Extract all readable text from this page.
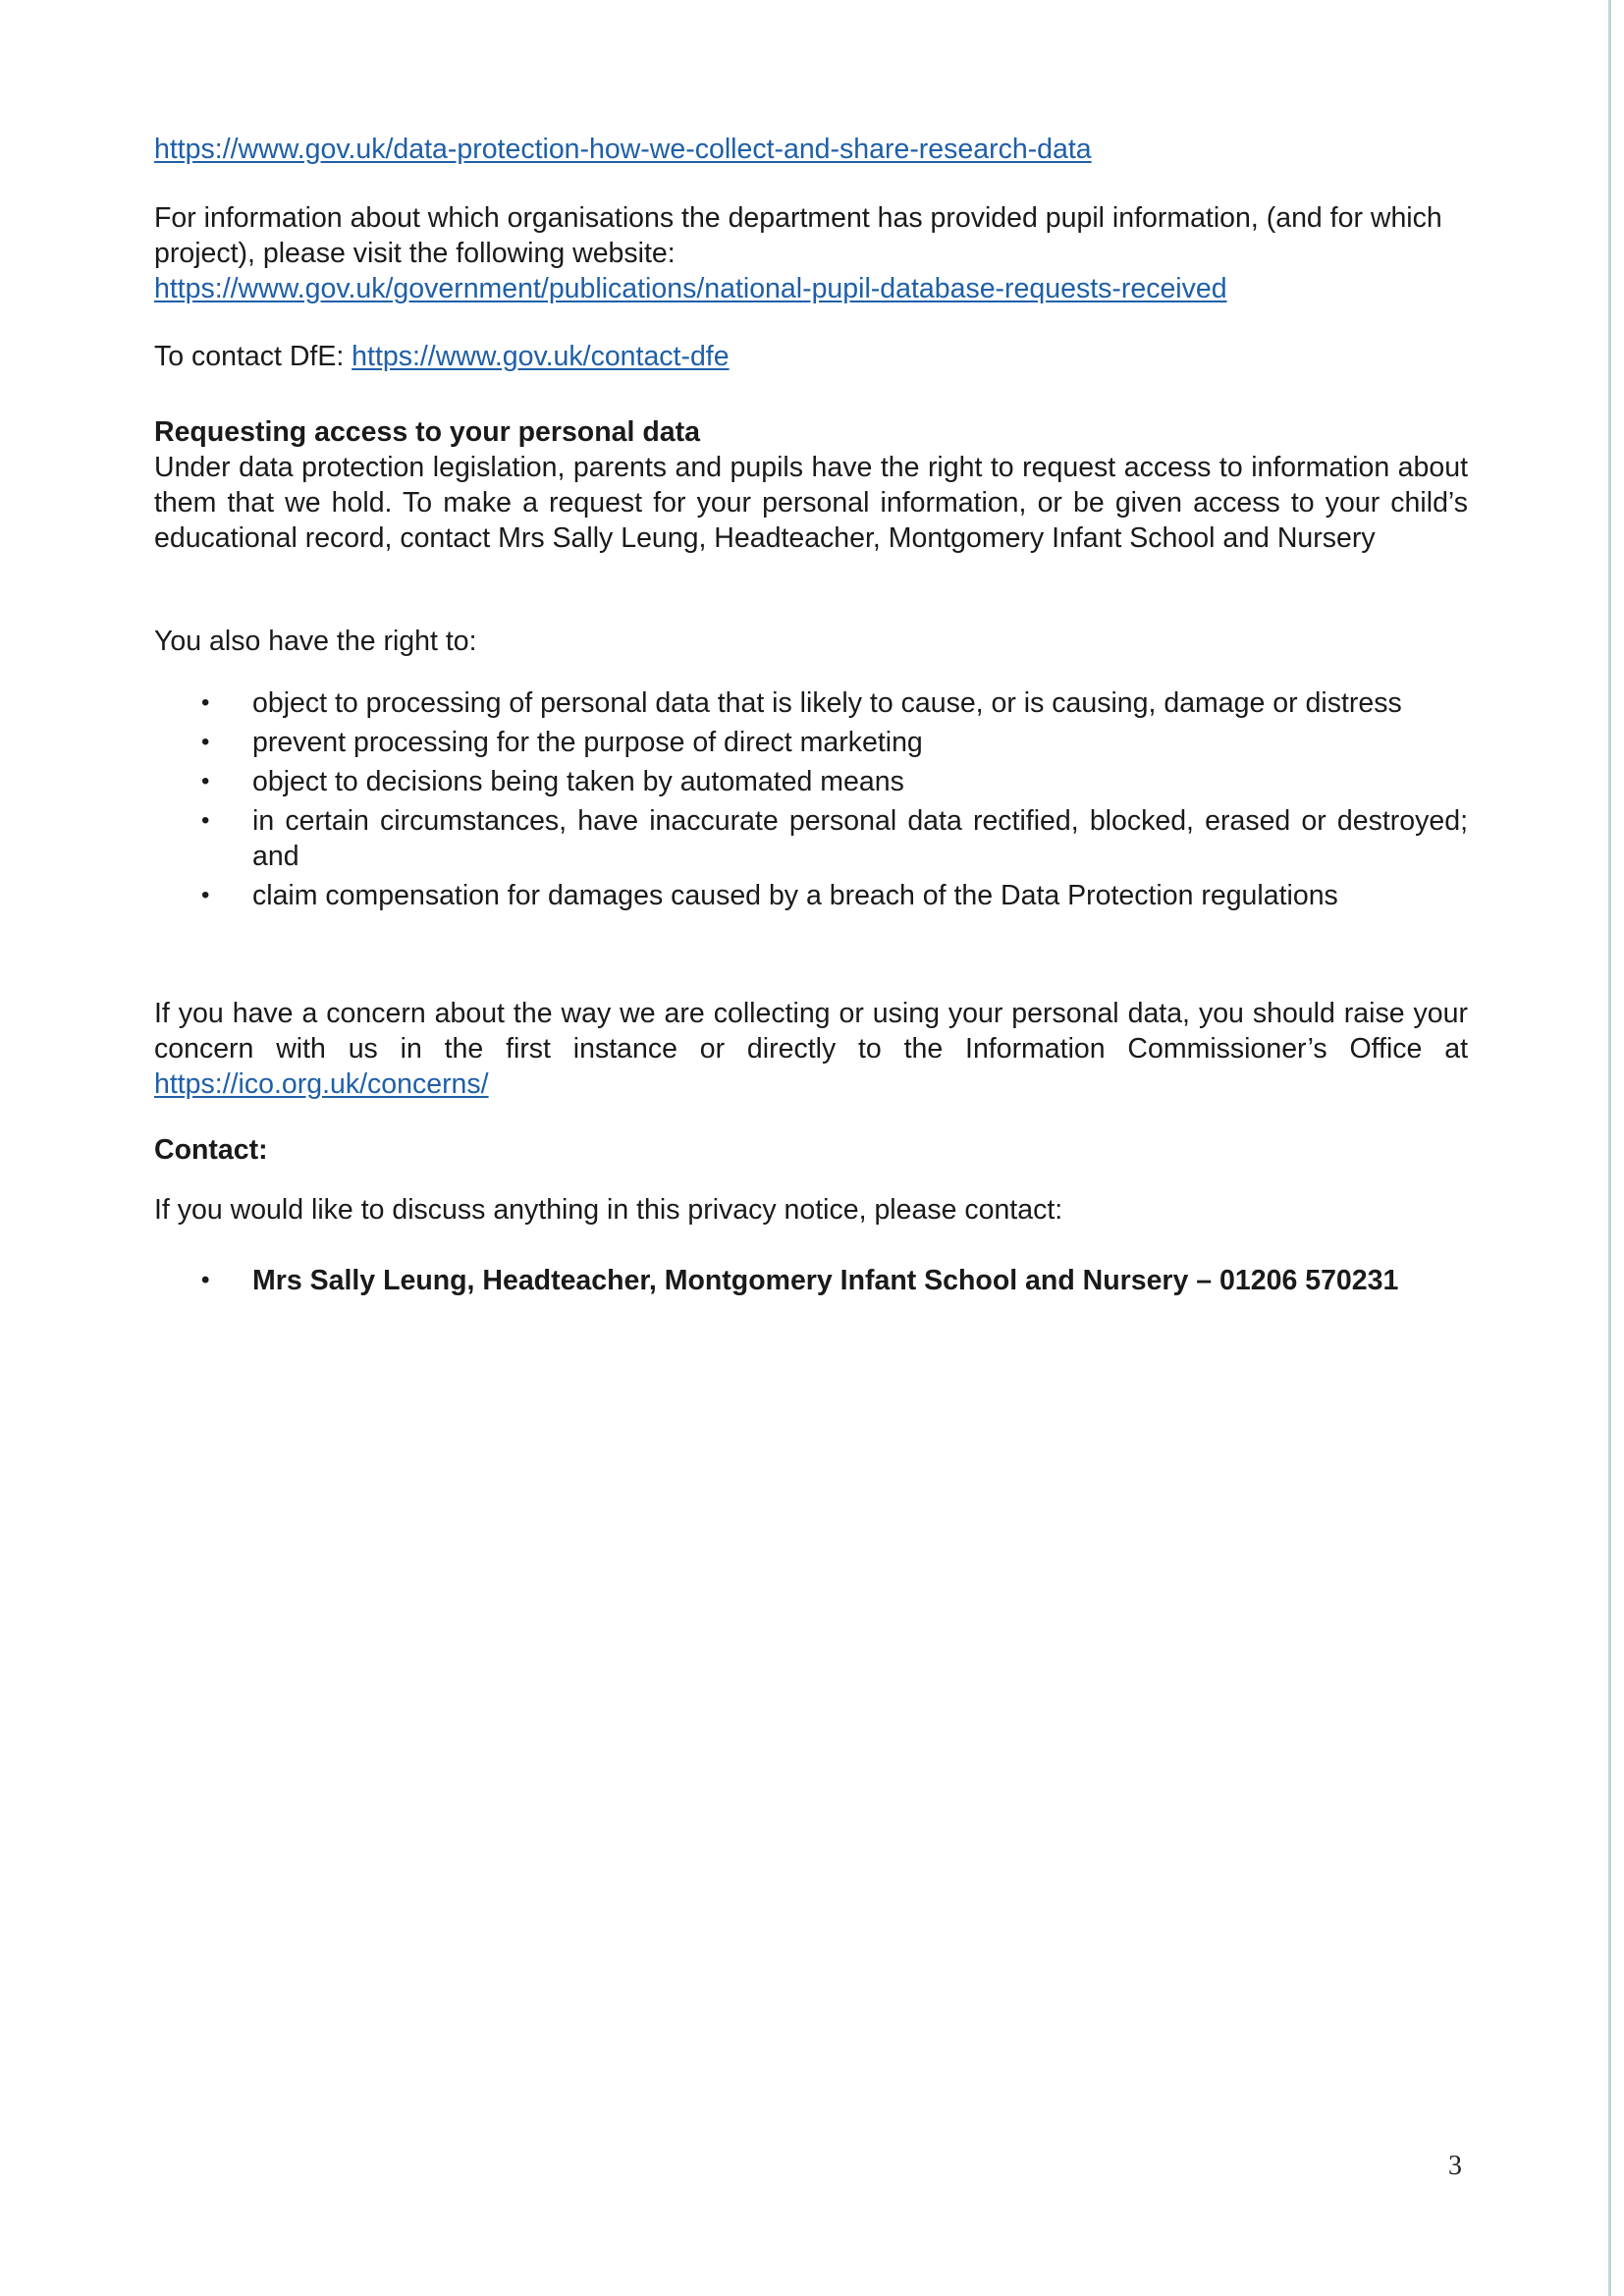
https://www.gov.uk/data-protection-how-we-collect-and-share-research-data

For information about which organisations the department has provided pupil information, (and for which project), please visit the following website:

https://www.gov.uk/government/publications/national-pupil-database-requests-received
To contact DfE: https://www.gov.uk/contact-dfe

Requesting access to your personal data

Under data protection legislation, parents and pupils have the right to request access to information about them that we hold. To make a request for your personal information, or be given access to your child’s educational record, contact Mrs Sally Leung, Headteacher, Montgomery Infant School and Nursery

You also have the right to:

• object to processing of personal data that is likely to cause, or is causing, damage or distress
• prevent processing for the purpose of direct marketing
• object to decisions being taken by automated means
• in certain circumstances, have inaccurate personal data rectified, blocked, erased or destroyed; and
• claim compensation for damages caused by a breach of the Data Protection regulations

If you have a concern about the way we are collecting or using your personal data, you should raise your concern with us in the first instance or directly to the Information Commissioner’s Office at https://ico.org.uk/concerns/

Contact:

If you would like to discuss anything in this privacy notice, please contact:

• Mrs Sally Leung, Headteacher, Montgomery Infant School and Nursery – 01206 570231
3
